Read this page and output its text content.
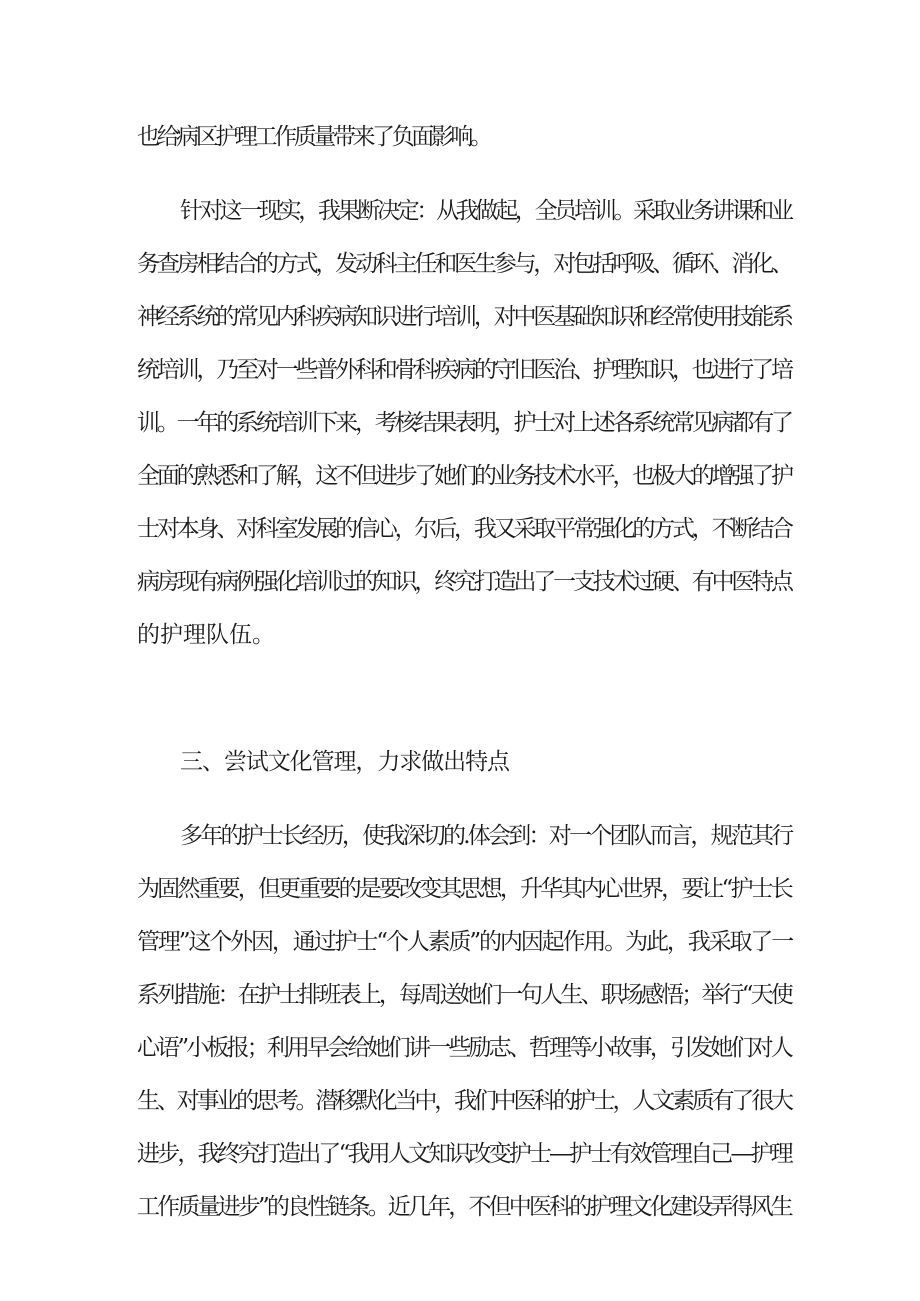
也给病区护理工作质量带来了负面影响。
针对这一现实，我果断决定：从我做起，全员培训。采取业务讲课和业
务查房相结合的方式，发动科主任和医生参与，对包括呼吸、循环、消化、
神经系统的常见内科疾病知识进行培训，对中医基础知识和经常使用技能系
统培训，乃至对一些普外科和骨科疾病的守旧医治、护理知识，也进行了培
训。一年的系统培训下来，考核结果表明，护士对上述各系统常见病都有了
全面的熟悉和了解，这不但进步了她们的业务技术水平，也极大的增强了护
士对本身、对科室发展的信心，尔后，我又采取平常强化的方式，不断结合
病房现有病例强化培训过的知识，终究打造出了一支技术过硬、有中医特点
的护理队伍。
三、尝试文化管理，力求做出特点
多年的护士长经历，使我深切的.体会到：对一个团队而言，规范其行
为固然重要，但更重要的是要改变其思想，升华其内心世界，要让“护士长
管理”这个外因，通过护士“个人素质”的内因起作用。为此，我采取了一
系列措施：在护士排班表上，每周送她们一句人生、职场感悟；举行“天使
心语”小板报；利用早会给她们讲一些励志、哲理等小故事，引发她们对人
生、对事业的思考。潜移默化当中，我们中医科的护士，人文素质有了很大
进步，我终究打造出了“我用人文知识改变护士—护士有效管理自己—护理
工作质量进步”的良性链条。近几年，不但中医科的护理文化建设弄得风生
